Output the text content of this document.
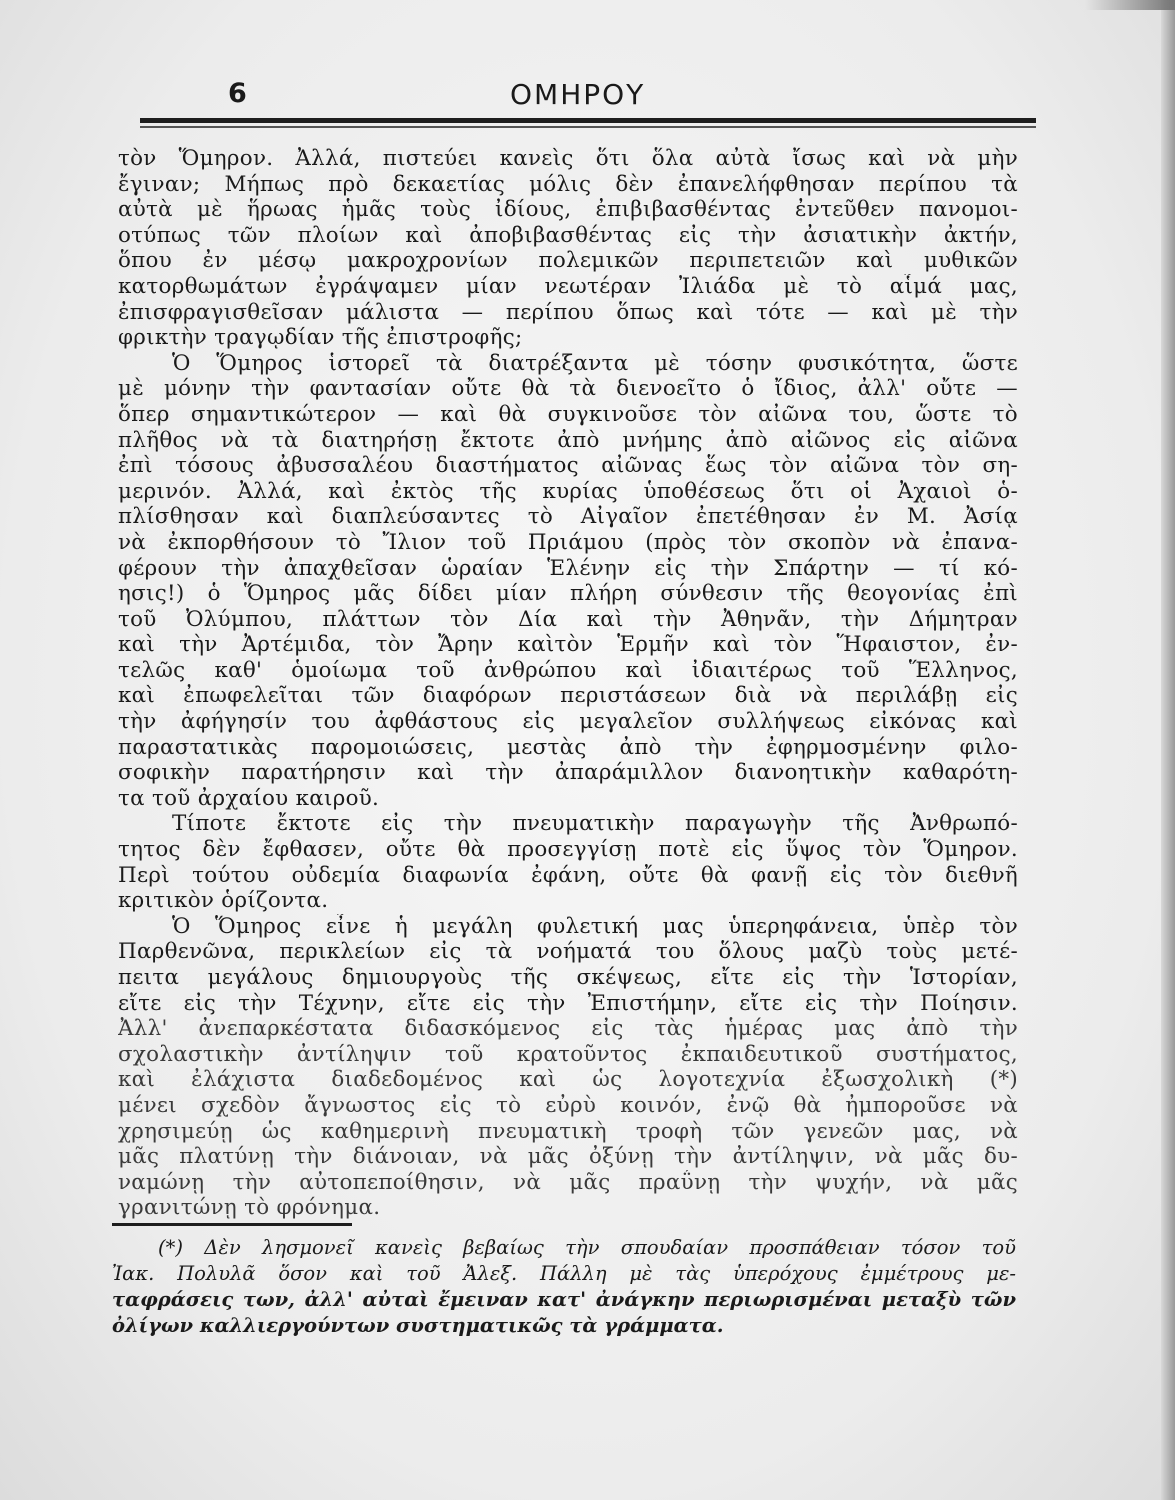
6	ΟΜΗΡΟΥ
τὸν Ὅμηρον. Ἀλλά, πιστεύει κανεὶς ὅτι ὅλα αὐτὰ ἴσως καὶ νὰ μὴν
ἔγιναν; Μήπως πρὸ δεκαετίας μόλις δὲν ἐπανελήφθησαν περίπου τὰ
αὐτὰ μὲ ἥρωας ἡμᾶς τοὺς ἰδίους, ἐπιβιβασθέντας ἐντεῦθεν πανομοι-
οτύπως τῶν πλοίων καὶ ἀποβιβασθέντας εἰς τὴν ἀσιατικὴν ἀκτήν,
ὅπου ἐν μέσῳ μακροχρονίων πολεμικῶν περιπετειῶν καὶ μυθικῶν
κατορθωμάτων ἐγράψαμεν μίαν νεωτέραν Ἰλιάδα μὲ τὸ αἷμά μας,
ἐπισφραγισθεῖσαν μάλιστα — περίπου ὅπως καὶ τότε — καὶ μὲ τὴν
φρικτὴν τραγῳδίαν τῆς ἐπιστροφῆς;
Ὁ Ὅμηρος ἱστορεῖ τὰ διατρέξαντα μὲ τόσην φυσικότητα, ὥστε
μὲ μόνην τὴν φαντασίαν οὔτε θὰ τὰ διενοεῖτο ὁ ἴδιος, ἀλλ' οὔτε —
ὅπερ σημαντικώτερον — καὶ θὰ συγκινοῦσε τὸν αἰῶνα του, ὥστε τὸ
πλῆθος νὰ τὰ διατηρήσῃ ἔκτοτε ἀπὸ μνήμης ἀπὸ αἰῶνος εἰς αἰῶνα
ἐπὶ τόσους ἀβυσσαλέου διαστήματος αἰῶνας ἕως τὸν αἰῶνα τὸν ση-
μερινόν. Ἀλλά, καὶ ἐκτὸς τῆς κυρίας ὑποθέσεως ὅτι οἱ Ἀχαιοὶ ὁ-
πλίσθησαν καὶ διαπλεύσαντες τὸ Αἰγαῖον ἐπετέθησαν ἐν Μ. Ἀσίᾳ
νὰ ἐκπορθήσουν τὸ Ἴλιον τοῦ Πριάμου (πρὸς τὸν σκοπὸν νὰ ἐπανα-
φέρουν τὴν ἀπαχθεῖσαν ὡραίαν Ἑλένην εἰς τὴν Σπάρτην — τί κό-
ησις!) ὁ Ὅμηρος μᾶς δίδει μίαν πλήρη σύνθεσιν τῆς θεογονίας ἐπὶ
τοῦ Ὀλύμπου, πλάττων τὸν Δία καὶ τὴν Ἀθηνᾶν, τὴν Δήμητραν
καὶ τὴν Ἀρτέμιδα, τὸν Ἄρην καὶτὸν Ἑρμῆν καὶ τὸν Ἥφαιστον, ἐν-
τελῶς καθ' ὁμοίωμα τοῦ ἀνθρώπου καὶ ἰδιαιτέρως τοῦ Ἕλληνος,
καὶ ἐπωφελεῖται τῶν διαφόρων περιστάσεων διὰ νὰ περιλάβῃ εἰς
τὴν ἀφήγησίν του ἀφθάστους εἰς μεγαλεῖον συλλήψεως εἰκόνας καὶ
παραστατικὰς παρομοιώσεις, μεστὰς ἀπὸ τὴν ἐφηρμοσμένην φιλο-
σοφικὴν παρατήρησιν καὶ τὴν ἀπαράμιλλον διανοητικὴν καθαρότη-
τα τοῦ ἀρχαίου καιροῦ.
Τίποτε ἔκτοτε εἰς τὴν πνευματικὴν παραγωγὴν τῆς Ἀνθρωπό-
τητος δὲν ἔφθασεν, οὔτε θὰ προσεγγίσῃ ποτὲ εἰς ὕψος τὸν Ὅμηρον.
Περὶ τούτου οὐδεμία διαφωνία ἐφάνη, οὔτε θὰ φανῇ εἰς τὸν διεθνῆ
κριτικὸν ὁρίζοντα.
Ὁ Ὅμηρος εἶνε ἡ μεγάλη φυλετική μας ὑπερηφάνεια, ὑπὲρ τὸν
Παρθενῶνα, περικλείων εἰς τὰ νοήματά του ὅλους μαζὺ τοὺς μετέ-
πειτα μεγάλους δημιουργοὺς τῆς σκέψεως, εἴτε εἰς τὴν Ἱστορίαν,
εἴτε εἰς τὴν Τέχνην, εἴτε εἰς τὴν Ἐπιστήμην, εἴτε εἰς τὴν Ποίησιν.
Ἀλλ' ἀνεπαρκέστατα διδασκόμενος εἰς τὰς ἡμέρας μας ἀπὸ τὴν
σχολαστικὴν ἀντίληψιν τοῦ κρατοῦντος ἐκπαιδευτικοῦ συστήματος,
καὶ ἐλάχιστα διαδεδομένος καὶ ὡς λογοτεχνία ἐξωσχολικὴ (*)
μένει σχεδὸν ἄγνωστος εἰς τὸ εὐρὺ κοινόν, ἐνῷ θὰ ἠμποροῦσε νὰ
χρησιμεύῃ ὡς καθημερινὴ πνευματικὴ τροφὴ τῶν γενεῶν μας, νὰ
μᾶς πλατύνῃ τὴν διάνοιαν, νὰ μᾶς ὀξύνῃ τὴν ἀντίληψιν, νὰ μᾶς δυ-
ναμώνῃ τὴν αὐτοπεποίθησιν, νὰ μᾶς πραΰνῃ τὴν ψυχήν, νὰ μᾶς
γρανιτώνῃ τὸ φρόνημα.
(*) Δὲν λησμονεῖ κανεὶς βεβαίως τὴν σπουδαίαν προσπάθειαν τόσον τοῦ
Ἰακ. Πολυλᾶ ὅσον καὶ τοῦ Ἀλεξ. Πάλλη μὲ τὰς ὑπερόχους ἐμμέτρους με-
ταφράσεις των, ἀλλ' αὐταὶ ἔμειναν κατ' ἀνάγκην περιωρισμέναι μεταξὺ τῶν
ὀλίγων καλλιεργούντων συστηματικῶς τὰ γράμματα.
